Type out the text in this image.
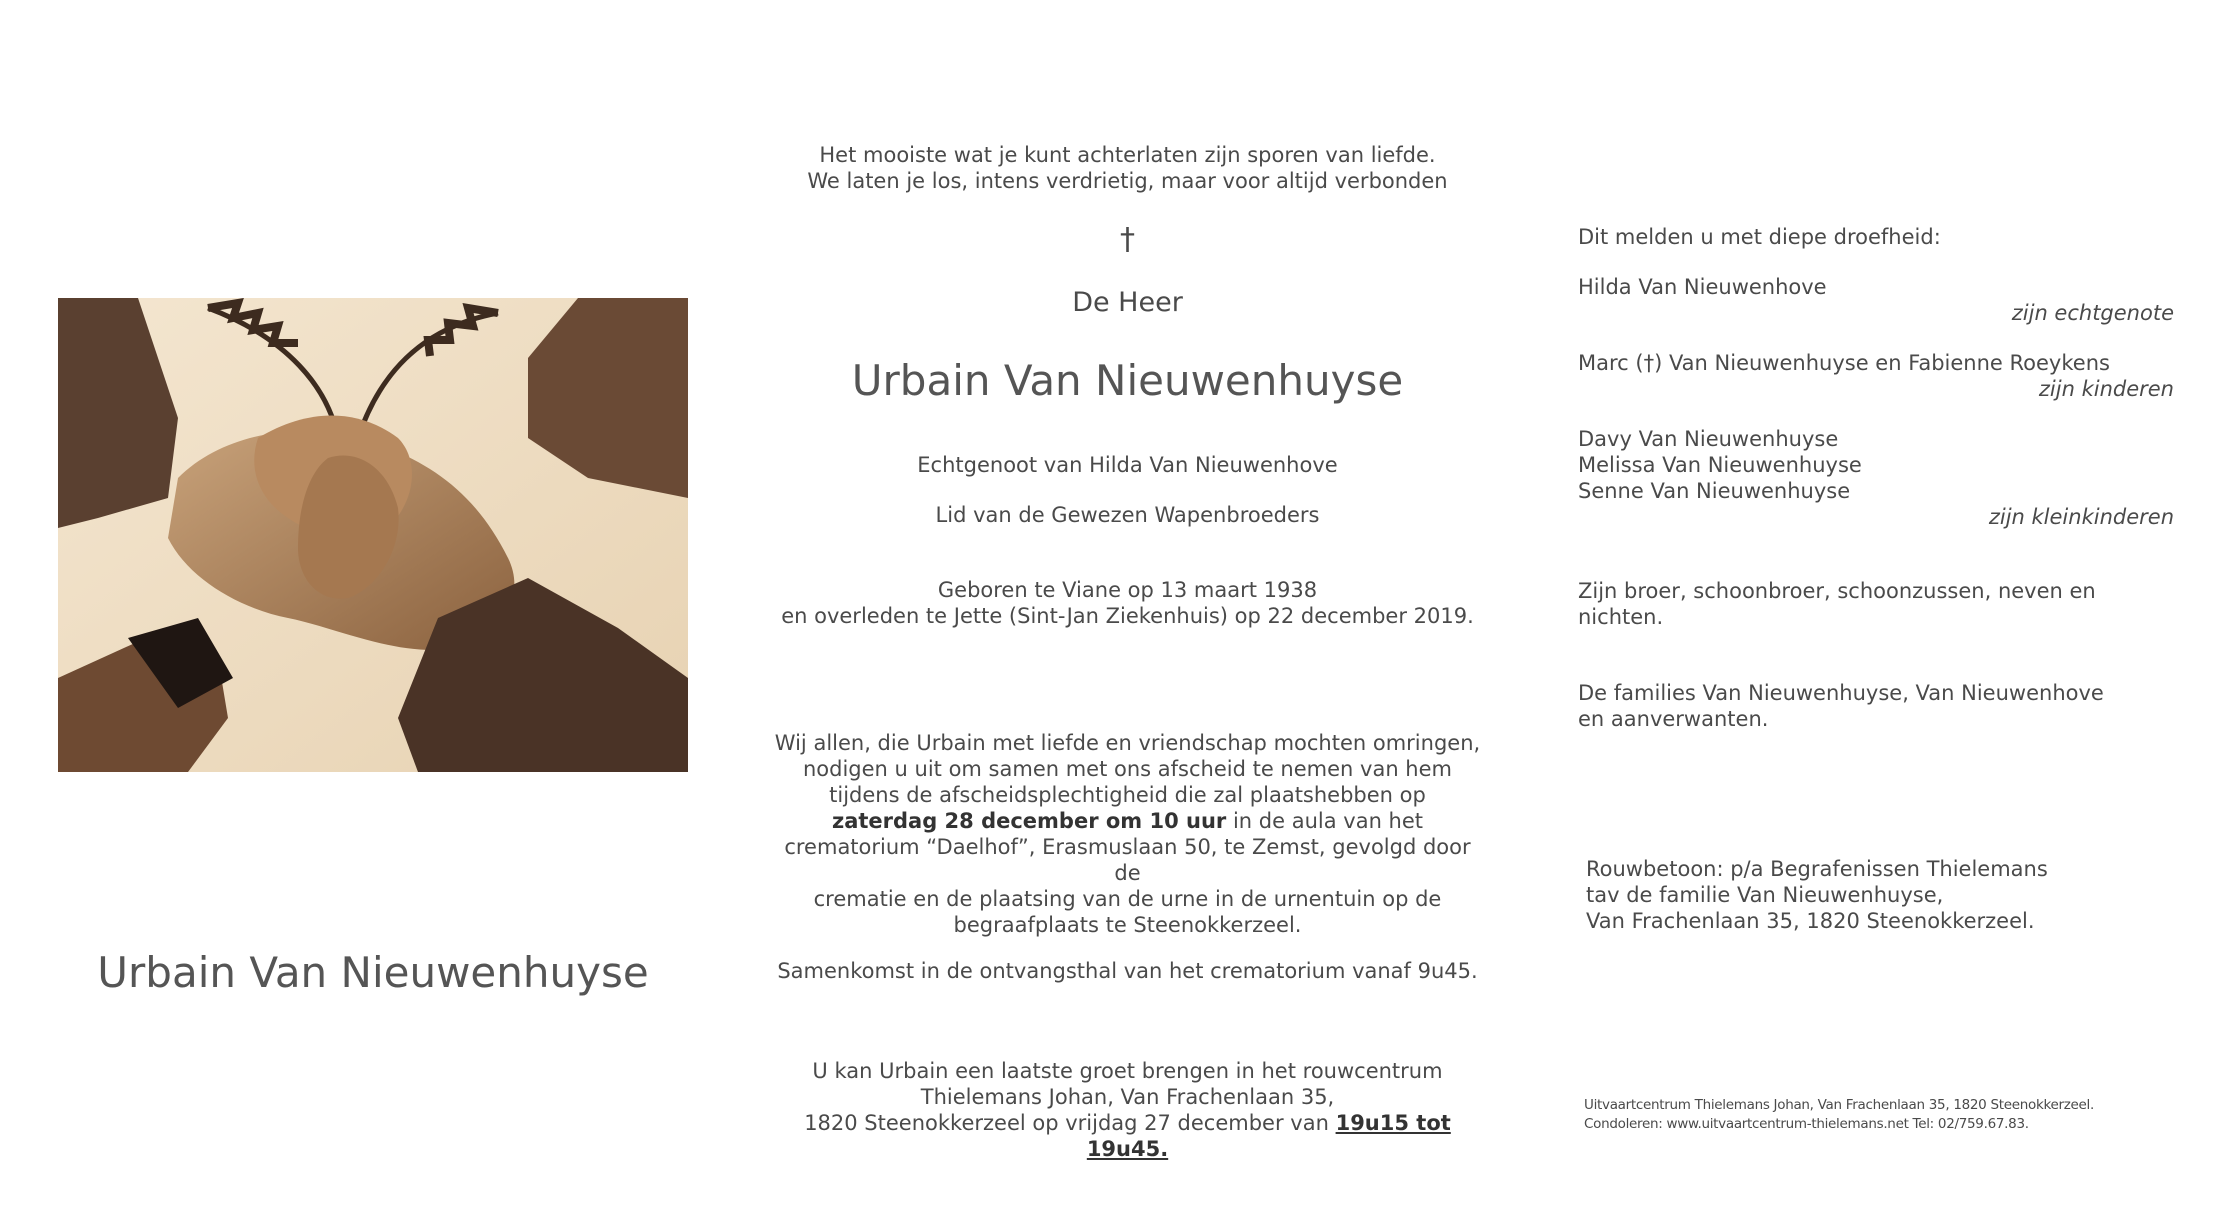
Urbain Van Nieuwenhuyse
Het mooiste wat je kunt achterlaten zijn sporen van liefde.
We laten je los, intens verdrietig, maar voor altijd verbonden
†
De Heer
Urbain Van Nieuwenhuyse
Echtgenoot van Hilda Van Nieuwenhove
Lid van de Gewezen Wapenbroeders
Geboren te Viane op 13 maart 1938
en overleden te Jette (Sint-Jan Ziekenhuis) op 22 december 2019.
Wij allen, die Urbain met liefde en vriendschap mochten omringen,
nodigen u uit om samen met ons afscheid te nemen van hem
tijdens de afscheidsplechtigheid die zal plaatshebben op
zaterdag 28 december om 10 uur in de aula van het
crematorium “Daelhof”, Erasmuslaan 50, te Zemst, gevolgd door de
crematie en de plaatsing van de urne in de urnentuin op de
begraafplaats te Steenokkerzeel.
Samenkomst in de ontvangsthal van het crematorium vanaf 9u45.
U kan Urbain een laatste groet brengen in het rouwcentrum
Thielemans Johan, Van Frachenlaan 35,
1820 Steenokkerzeel op vrijdag 27 december van 19u15 tot 19u45.
Dit melden u met diepe droefheid:
Hilda Van Nieuwenhove
zijn echtgenote
Marc (†) Van Nieuwenhuyse en Fabienne Roeykens
zijn kinderen
Davy Van Nieuwenhuyse
Melissa Van Nieuwenhuyse
Senne Van Nieuwenhuyse
zijn kleinkinderen
Zijn broer, schoonbroer, schoonzussen, neven en nichten.
De families Van Nieuwenhuyse, Van Nieuwenhove
en aanverwanten.
Rouwbetoon: p/a Begrafenissen Thielemans
tav de familie Van Nieuwenhuyse,
Van Frachenlaan 35, 1820 Steenokkerzeel.
Uitvaartcentrum Thielemans Johan, Van Frachenlaan 35, 1820 Steenokkerzeel.
Condoleren: www.uitvaartcentrum-thielemans.net Tel: 02/759.67.83.
